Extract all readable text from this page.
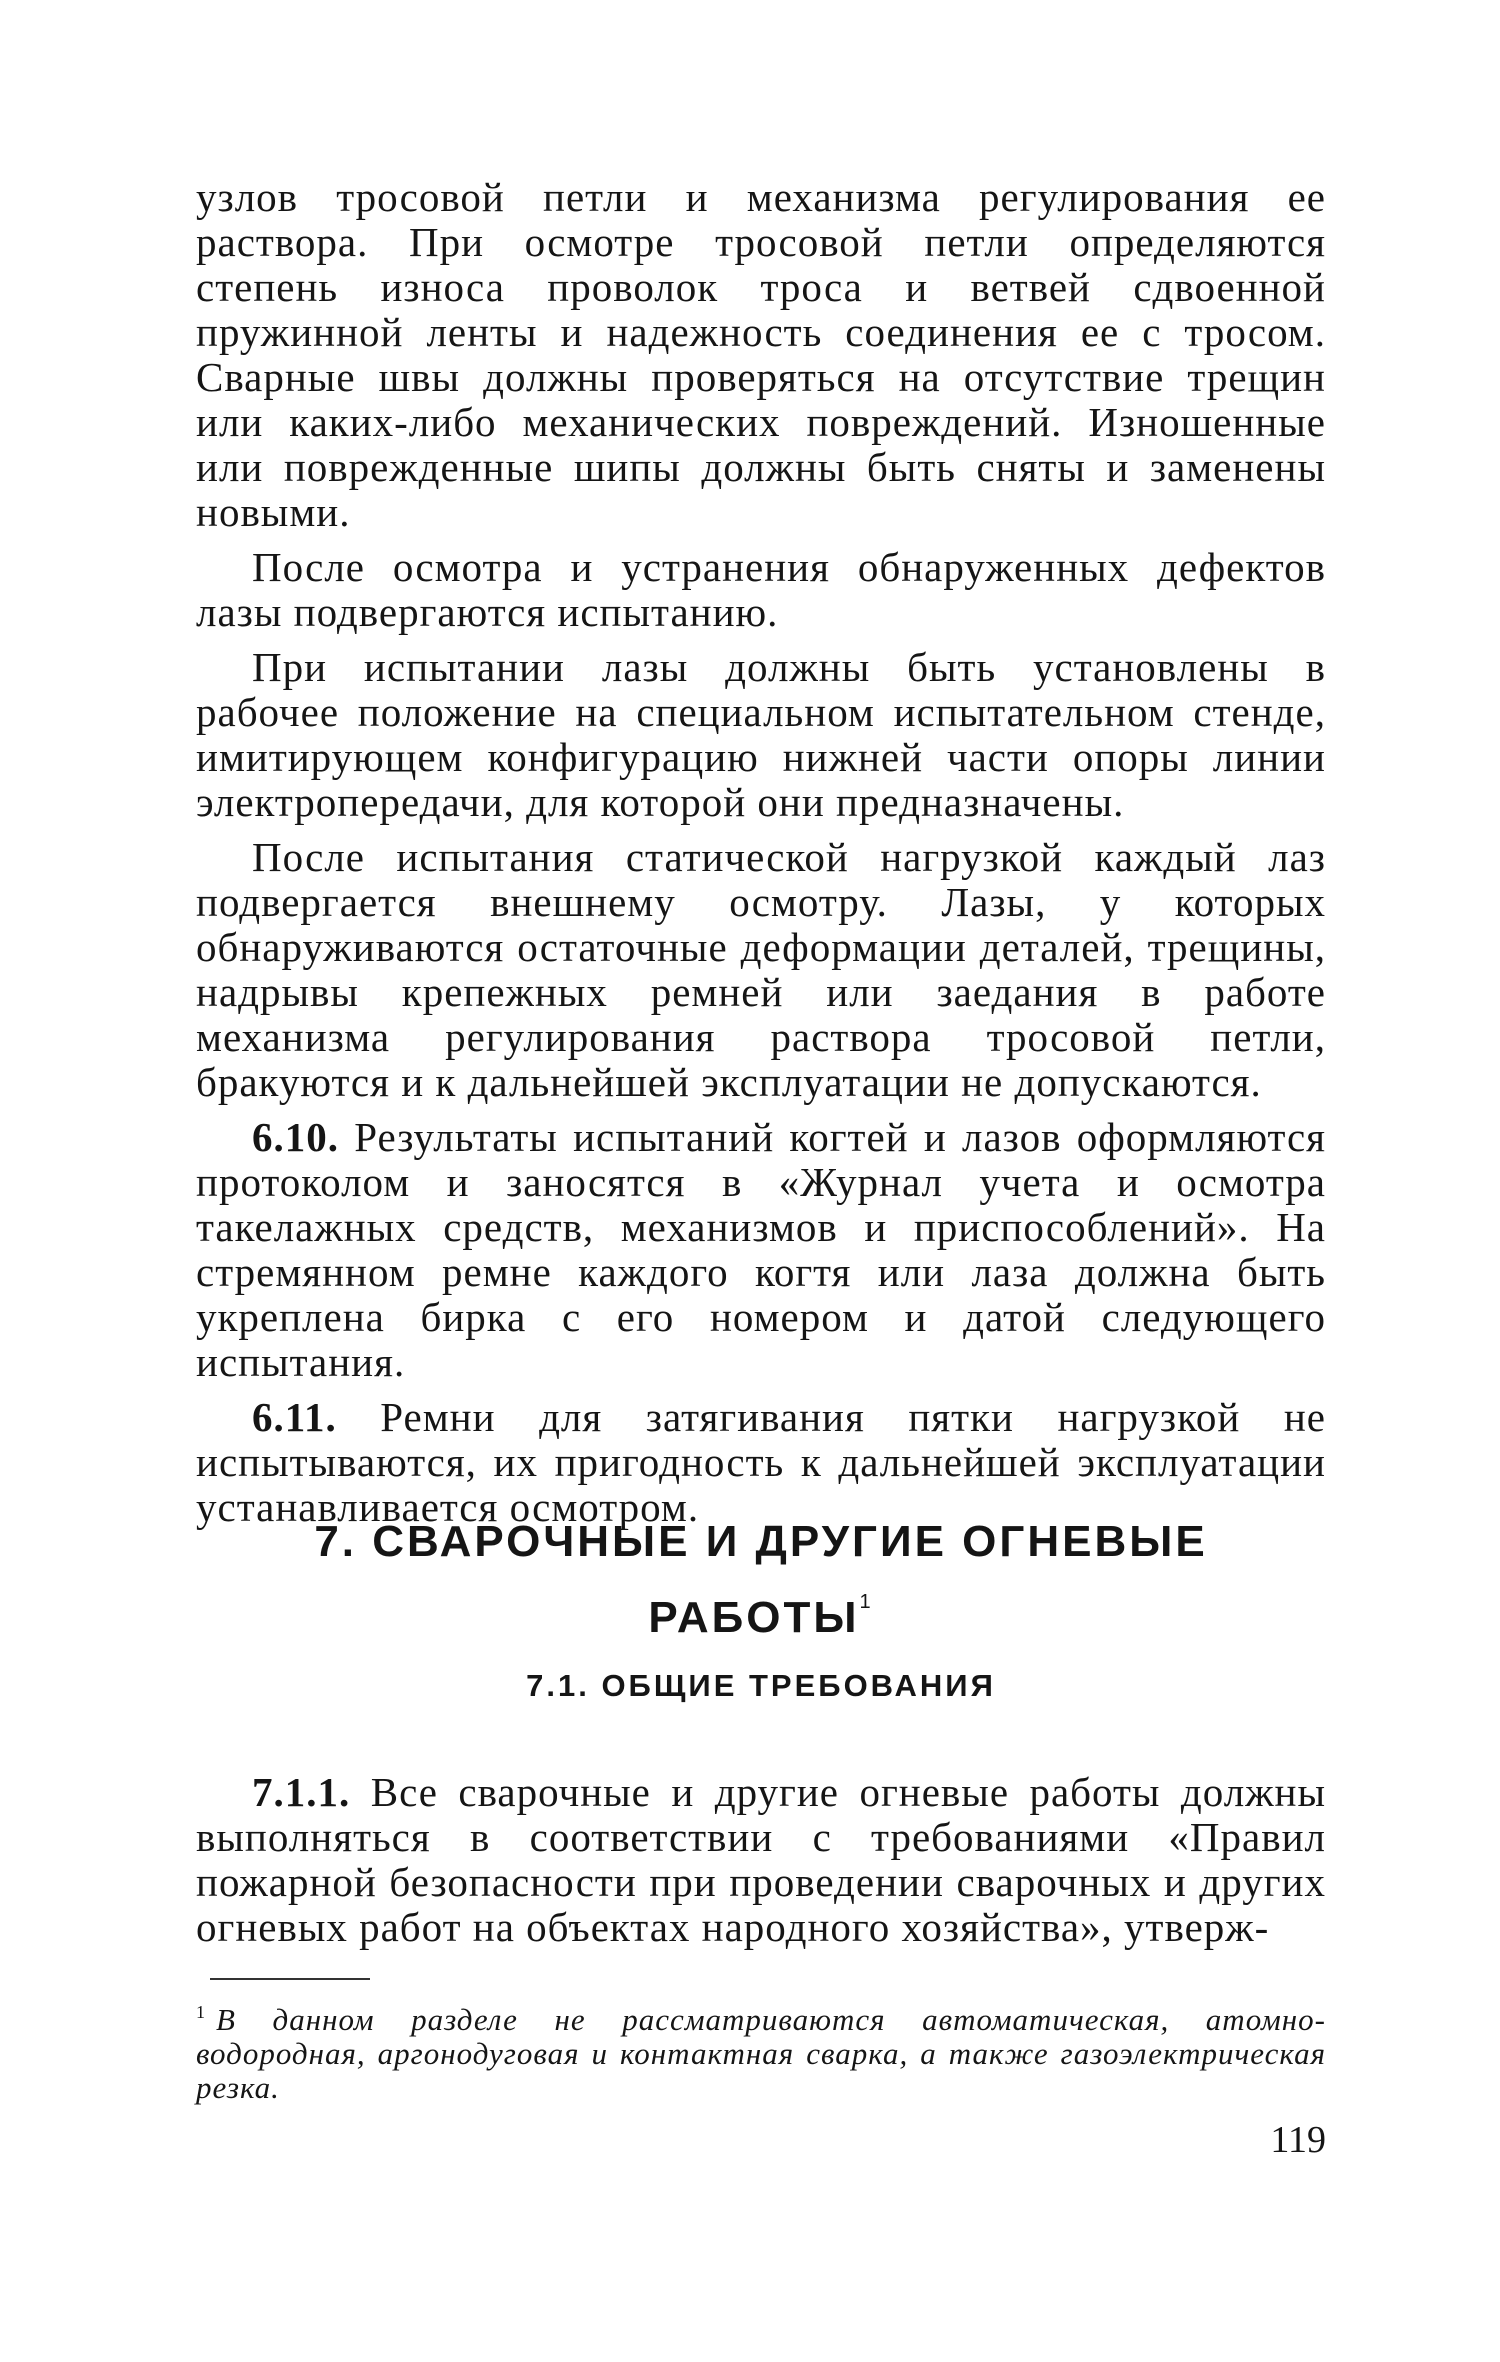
узлов тросовой петли и механизма регулирования ее раствора. При осмотре тросовой петли определяются степень износа проволок троса и ветвей сдвоенной пружинной ленты и надежность соединения ее с тросом. Сварные швы должны проверяться на отсутствие трещин или каких-либо механических повреждений. Изношенные или поврежденные шипы должны быть сняты и заменены новыми.

После осмотра и устранения обнаруженных дефектов лазы подвергаются испытанию.

При испытании лазы должны быть установлены в рабочее положение на специальном испытательном стенде, имитирующем конфигурацию нижней части опоры линии электропередачи, для которой они предназначены.

После испытания статической нагрузкой каждый лаз подвергается внешнему осмотру. Лазы, у которых обнаруживаются остаточные деформации деталей, трещины, надрывы крепежных ремней или заедания в работе механизма регулирования раствора тросовой петли, бракуются и к дальнейшей эксплуатации не допускаются.

6.10. Результаты испытаний когтей и лазов оформляются протоколом и заносятся в «Журнал учета и осмотра такелажных средств, механизмов и приспособлений». На стремянном ремне каждого когтя или лаза должна быть укреплена бирка с его номером и датой следующего испытания.

6.11. Ремни для затягивания пятки нагрузкой не испытываются, их пригодность к дальнейшей эксплуатации устанавливается осмотром.

7. СВАРОЧНЫЕ И ДРУГИЕ ОГНЕВЫЕ РАБОТЫ$^1$
7.1. ОБЩИЕ ТРЕБОВАНИЯ

7.1.1. Все сварочные и другие огневые работы должны выполняться в соответствии с требованиями «Правил пожарной безопасности при проведении сварочных и других огневых работ на объектах народного хозяйства», утверж-

$^1$ В данном разделе не рассматриваются автоматическая, атомно-водородная, аргонодуговая и контактная сварка, а также газоэлектрическая резка.
119
